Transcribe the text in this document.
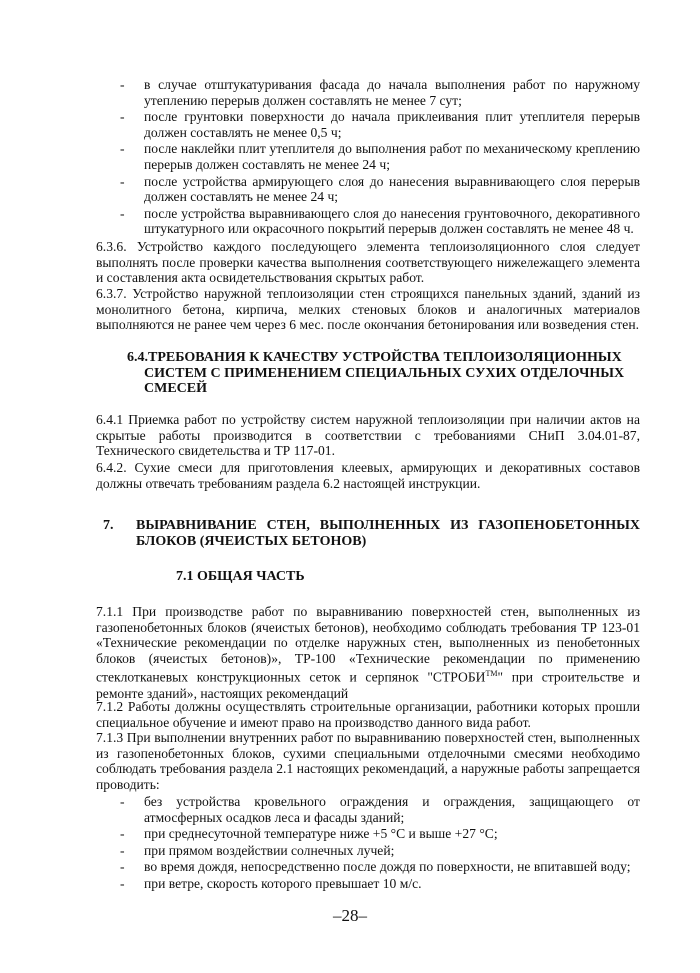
- в случае отштукатуривания фасада до начала выполнения работ по наружному утеплению перерыв должен составлять не менее 7 сут;
- после грунтовки поверхности до начала приклеивания плит утеплителя перерыв должен составлять не менее 0,5 ч;
- после наклейки плит утеплителя до выполнения работ по механическому креплению перерыв должен составлять не менее 24 ч;
- после устройства армирующего слоя до нанесения выравнивающего слоя перерыв должен составлять не менее 24 ч;
- после устройства выравнивающего слоя до нанесения грунтовочного, декоративного штукатурного или окрасочного покрытий перерыв должен составлять не менее 48 ч.

6.3.6. Устройство каждого последующего элемента теплоизоляционного слоя следует выполнять после проверки качества выполнения соответствующего нижележащего элемента и составления акта освидетельствования скрытых работ.

6.3.7. Устройство наружной теплоизоляции стен строящихся панельных зданий, зданий из монолитного бетона, кирпича, мелких стеновых блоков и аналогичных материалов выполняются не ранее чем через 6 мес. после окончания бетонирования или возведения стен.

6.4.ТРЕБОВАНИЯ К КАЧЕСТВУ УСТРОЙСТВА ТЕПЛОИЗОЛЯЦИОННЫХ
СИСТЕМ С ПРИМЕНЕНИЕМ СПЕЦИАЛЬНЫХ СУХИХ ОТДЕЛОЧНЫХ
СМЕСЕЙ

6.4.1 Приемка работ по устройству систем наружной теплоизоляции при наличии актов на скрытые работы производится в соответствии с требованиями СНиП 3.04.01-87, Технического свидетельства и ТР 117-01.

6.4.2. Сухие смеси для приготовления клеевых, армирующих и декоративных составов должны отвечать требованиям раздела 6.2 настоящей инструкции.

7.	ВЫРАВНИВАНИЕ СТЕН, ВЫПОЛНЕННЫХ ИЗ ГАЗОПЕНОБЕТОННЫХ
БЛОКОВ (ЯЧЕИСТЫХ БЕТОНОВ)
7.1 ОБЩАЯ ЧАСТЬ

7.1.1 При производстве работ по выравниванию поверхностей стен, выполненных из газопенобетонных блоков (ячеистых бетонов), необходимо соблюдать требования ТР 123-01 «Технические рекомендации по отделке наружных стен, выполненных из пенобетонных блоков (ячеистых бетонов)», ТР-100 «Технические рекомендации по применению стеклотканевых конструкционных сеток и серпянок "СТРОБИ™" при строительстве и ремонте зданий», настоящих рекомендаций

7.1.2 Работы должны осуществлять строительные организации, работники которых прошли специальное обучение и имеют право на производство данного вида работ.

7.1.3 При выполнении внутренних работ по выравниванию поверхностей стен, выполненных из газопенобетонных блоков, сухими специальными отделочными смесями необходимо соблюдать требования раздела 2.1 настоящих рекомендаций, а наружные работы запрещается проводить:

- без устройства кровельного ограждения и ограждения, защищающего от атмосферных осадков леса и фасады зданий;
- при среднесуточной температуре ниже +5 °С и выше +27 °С;
- при прямом воздействии солнечных лучей;
- во время дождя, непосредственно после дождя по поверхности, не впитавшей воду;
- при ветре, скорость которого превышает 10 м/с.
–28–
